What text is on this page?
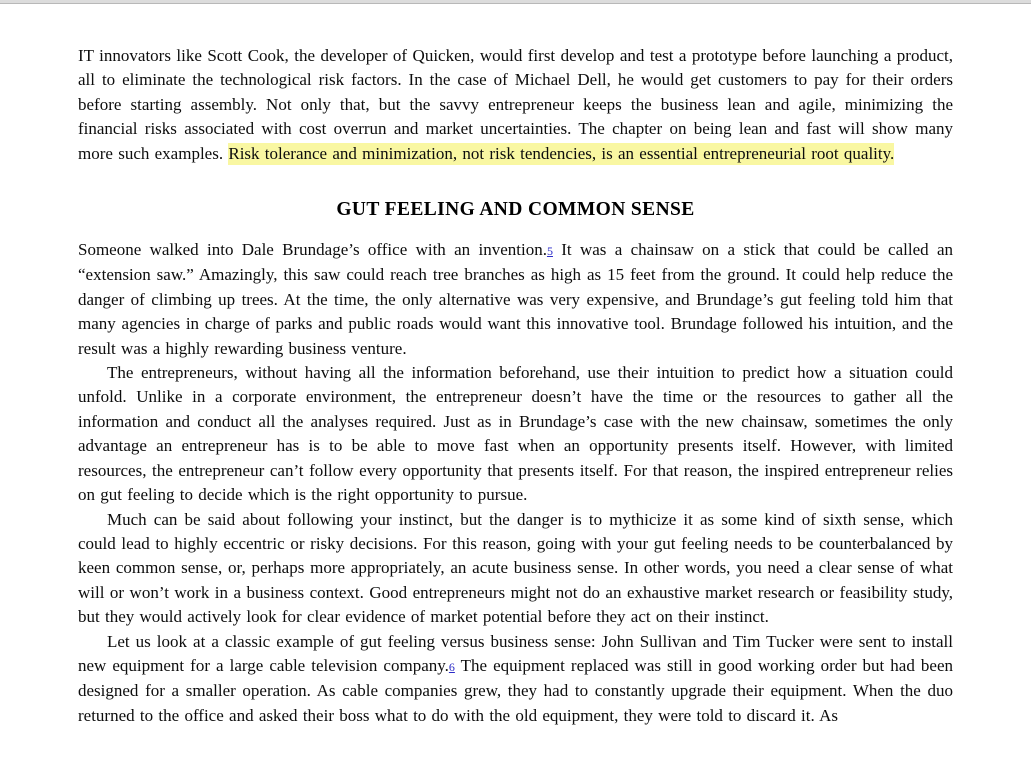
IT innovators like Scott Cook, the developer of Quicken, would first develop and test a prototype before launching a product, all to eliminate the technological risk factors. In the case of Michael Dell, he would get customers to pay for their orders before starting assembly. Not only that, but the savvy entrepreneur keeps the business lean and agile, minimizing the financial risks associated with cost overrun and market uncertainties. The chapter on being lean and fast will show many more such examples. Risk tolerance and minimization, not risk tendencies, is an essential entrepreneurial root quality.

GUT FEELING AND COMMON SENSE

Someone walked into Dale Brundage’s office with an invention.5 It was a chainsaw on a stick that could be called an “extension saw.” Amazingly, this saw could reach tree branches as high as 15 feet from the ground. It could help reduce the danger of climbing up trees. At the time, the only alternative was very expensive, and Brundage’s gut feeling told him that many agencies in charge of parks and public roads would want this innovative tool. Brundage followed his intuition, and the result was a highly rewarding business venture.

The entrepreneurs, without having all the information beforehand, use their intuition to predict how a situation could unfold. Unlike in a corporate environment, the entrepreneur doesn’t have the time or the resources to gather all the information and conduct all the analyses required. Just as in Brundage’s case with the new chainsaw, sometimes the only advantage an entrepreneur has is to be able to move fast when an opportunity presents itself. However, with limited resources, the entrepreneur can’t follow every opportunity that presents itself. For that reason, the inspired entrepreneur relies on gut feeling to decide which is the right opportunity to pursue.

Much can be said about following your instinct, but the danger is to mythicize it as some kind of sixth sense, which could lead to highly eccentric or risky decisions. For this reason, going with your gut feeling needs to be counterbalanced by keen common sense, or, perhaps more appropriately, an acute business sense. In other words, you need a clear sense of what will or won’t work in a business context. Good entrepreneurs might not do an exhaustive market research or feasibility study, but they would actively look for clear evidence of market potential before they act on their instinct.

Let us look at a classic example of gut feeling versus business sense: John Sullivan and Tim Tucker were sent to install new equipment for a large cable television company.6 The equipment replaced was still in good working order but had been designed for a smaller operation. As cable companies grew, they had to constantly upgrade their equipment. When the duo returned to the office and asked their boss what to do with the old equipment, they were told to discard it. As
